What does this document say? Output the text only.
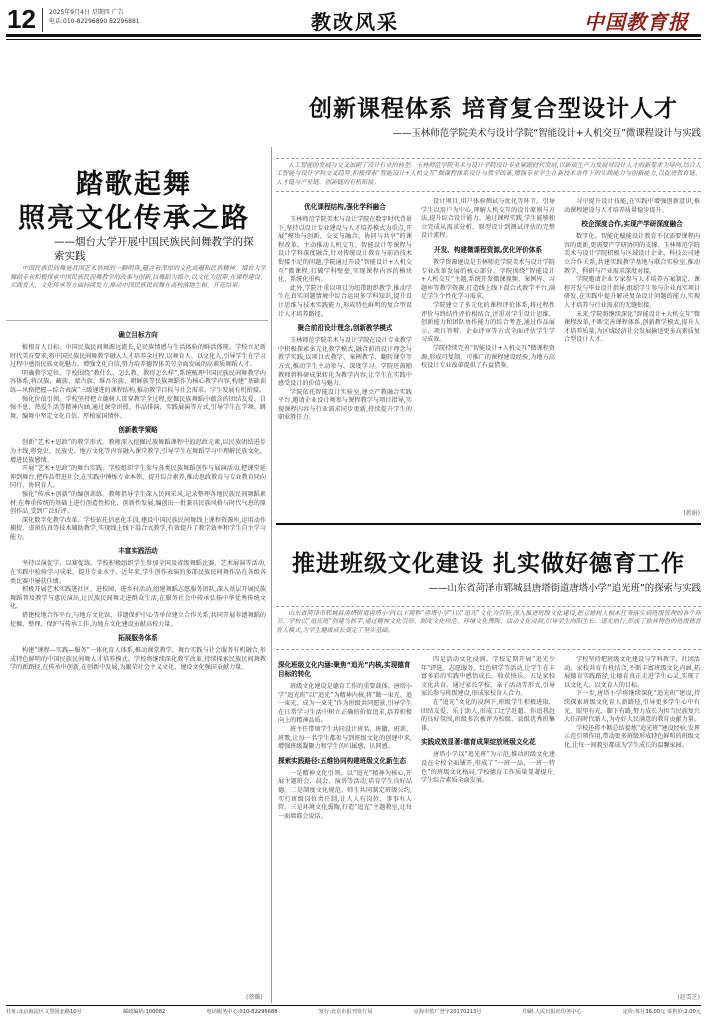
12 2025年9月4日 星期四 广告
电话:010-82296890 82296881	教改风采	中国教育报
踏歌起舞
照亮文化传承之路
——烟台大学开展中国民族民间舞教学的探索实践

中国民族民间舞是我国艺术领域的一颗明珠,蕴含着深厚的文化底蕴和民族精神。烟台大学舞蹈专业积极探索中国民族民间舞教学的改革与创新,以舞蹈为媒介,以文化为纽带,在课程建设、实践育人、文化传承等方面持续发力,推动中国民族民间舞在高校落地生根、开花结果。

确立目标方向

植根育人目标。中国民族民间舞源远流长,是民族情感与生活体验的鲜活体现。学校立足新时代美育要求,将中国民族民间舞教学融入人才培养全过程,以舞育人、以文化人,引导学生在学习过程中感悟民族文化魅力、增强文化自信,努力培养德智体美劳全面发展的高素质舞蹈人才。

明确教学定位。学校围绕“教什么、怎么教、教得怎么样”,系统梳理中国民族民间舞教学内容体系,将汉族、藏族、蒙古族、维吾尔族、朝鲜族等民族舞蹈作为核心教学内容,构建“基础训练—风格把握—综合表演”三级递进的课程结构,推动教学目标与社会需求、学生发展有机衔接。

强化价值引领。学校坚持把立德树人贯穿教学全过程,挖掘民族舞蹈中蕴含的团结友爱、自强不息、热爱生活等精神内涵,通过课堂讲授、作品排演、实践展演等方式,引导学生在学舞、跳舞、编舞中坚定文化自信、厚植家国情怀。

创新教学策略

创新“艺术+思政”的教学形式。教师深入挖掘民族舞蹈课程中的思政元素,以民族团结进步为主线,将党史、民族史、地方文化等内容融入课堂教学,引导学生在舞蹈学习中理解民族文化、增进民族感情。

开展“艺术+思政”的舞台实践。学校组织学生参与各类民族舞蹈创作与展演活动,把课堂延伸到舞台,把作品带进社会,在实践中锤炼专业本领、提升综合素养,推动思政教育与专业教育同向同行、协同育人。

强化“传承+创新”的编创训练。教师指导学生深入民间采风,记录整理各地民族民间舞蹈素材,在尊重传统的基础上进行创造性转化、创新性发展,编创出一批兼具民族风格与时代气息的原创作品,受到广泛好评。

深化数字化教学改革。学校依托信息化手段,建设中国民族民间舞线上课程资源库,运用动作捕捉、虚拟仿真等技术辅助教学,实现线上线下混合式教学,有效提升了教学效率和学生自主学习能力。

丰富实践活动

坚持以演促学、以赛促练。学校积极组织学生参加全国及省级舞蹈比赛、艺术展演等活动,在实践中检验学习成果、提升专业水平。近年来,学生创作表演的多部民族民间舞作品在各级各类比赛中屡获佳绩。

积极开展艺术实践进社区、进校园、进乡村活动,组建舞蹈志愿服务团队,深入基层开展民族舞蹈普及教学与惠民演出,让民族民间舞走进群众生活,在服务社会中传承弘扬中华优秀传统文化。

搭建校地合作平台,与地方文化馆、非遗保护中心等单位建立合作关系,共同开展非遗舞蹈的挖掘、整理、保护与传承工作,为地方文化建设贡献高校力量。

拓展服务体系

构建“课程—实践—服务”一体化育人体系,推动课堂教学、舞台实践与社会服务有机融合,形成特色鲜明的中国民族民间舞人才培养模式。学校将继续深化教学改革,持续探索民族民间舞教学的新路径,在传承中创新,在创新中发展,为繁荣社会主义文化、建设文化强国贡献力量。

(蔡璐)
创新课程体系 培育复合型设计人才
——玉林师范学院美术与设计学院“智能设计+人机交互”微课程设计与实践

人工智能的发展与交叉加剧了设计行业的转型。玉林师范学院美术与设计学院设计专业紧跟时代发展,以新质生产力发展对设计人才的新要求为导向,结合人工智能与设计学科交叉趋势,积极探索“智能设计+人机交互”微课程体系设计与教学改革,增强专业学生在新技术条件下的实践能力与创新能力,以促进教育链、人才链与产业链、创新链的有机衔接。

优化课程结构,强化学科融合

玉林师范学院美术与设计学院在数字时代背景下,坚持以设计专业建设与人才培养模式为重点,开展“模块与创新、交叉与融合、协同与共享”的课程改革。主动推动人机交互、智能设计等课程与设计学科深度融合,针对传统设计教育与前沿技术衔接不足的问题,学院通过开设“智能设计+人机交互”微课程,打破学科壁垒,实现课程内容的模块化、系统化重构。

此外,学院注重以项目为纽带组织教学,推动学生在真实问题情境中综合运用多学科知识,提升设计思维与技术实践能力,形成特色鲜明的复合型设计人才培养路径。

聚合前沿设计理念,创新教学模式

玉林师范学院美术与设计学院在设计专业教学中积极探索多元化教学模式,融合前沿设计理念与教学实践,以项目式教学、案例教学、翻转课堂等方式,推动学生主动参与、深度学习。学院还鼓励教师将科研成果转化为教学内容,让学生在实践中感受设计的价值与魅力。

学院依托智能设计实验室,建立产教融合实践平台,邀请企业设计师参与课程教学与项目指导,实现课程内容与行业需求同步更新,持续提升学生的职业胜任力。

设计项目,用户体验测试与优化等环节。引导学生以用户为中心,理解人机交互的设计原则与方法,提升综合设计能力。通过课程实践,学生能够独立完成从需求分析、原型设计到测试评估的完整设计流程。

开发、构建微课程资源,优化评价体系

教学资源建设是玉林师范学院美术与设计学院专业改革发展的核心部分。学院围绕“智能设计+人机交互”主题,系统开发微课视频、案例库、习题库等教学资源,打造线上线下混合式教学平台,满足学生个性化学习需求。

学院建立了多元化的课程评价体系,将过程性评价与终结性评价相结合,注重对学生设计思维、创新能力和团队协作能力的综合考查,通过作品展示、项目答辩、企业评审等方式全面评估学生学习成效。

学院持续完善“智能设计+人机交互”微课程资源,形成可复制、可推广的课程建设经验,为地方高校设计专业改革提供了有益借鉴。

习中提升设计技能,在实践中增强创新意识,推动课程建设与人才培养质量稳步提升。

校企深度合作,实现产学研深度融合

数字化、智能化赋能设计教育不仅需要课程内容的更新,更需要产学研协同的支撑。玉林师范学院美术与设计学院积极与区域设计企业、科技公司建立合作关系,共建实践教学基地与联合实验室,推动教学、科研与产业需求深度对接。

学院邀请企业专家参与人才培养方案制定、课程开发与毕业设计指导,组织学生参与企业真实项目研发,在实践中提升解决复杂设计问题的能力,实现人才培养与行业需求的无缝衔接。

未来,学院将继续深化“智能设计+人机交互”微课程改革,不断完善课程体系,创新教学模式,提升人才培养质量,为区域经济社会发展输送更多高素质复合型设计人才。

(蒋娟)
推进班级文化建设 扎实做好德育工作
——山东省菏泽市郓城县唐塔街道唐塔小学“追光班”的探索与实践

山东省菏泽市郓城县唐塔街道唐塔小学(以下简称“唐塔小学”)以“追光”文化为引领,深入推进班级文化建设,把立德树人根本任务落实到班级管理的各个环节。学校以“追光班”创建为抓手,通过精神文化引领、制度文化规范、环境文化熏陶、活动文化浸润,引导学生向阳生长、逐光前行,形成了独具特色的班级德育育人模式,为学生健康成长奠定了坚实基础。

深化班级文化内涵:聚焦“追光”内核,实现德育目标的转化

班级文化建设是德育工作的重要载体。唐塔小学“追光班”以“追光”为精神内核,将“做一束光、追一束光、成为一束光”作为班级共同愿景,引导学生在日常学习生活中树立正确的价值追求,培养积极向上的精神品质。

班主任带领学生共同设计班名、班徽、班训、班歌,让每一名学生都参与到班级文化的创建中来,增强班级凝聚力和学生的归属感、认同感。

探索实践路径:五维协同构建班级文化新生态

一是精神文化引领。以“追光”精神为核心,开展主题班会、晨会、演讲等活动,培育学生良好品德。二是制度文化规范。师生共同制定班级公约,实行班级岗位责任制,让人人有岗位、事事有人管。三是环境文化熏陶,打造“追光”主题教室,让每一面墙都会说话。

四是活动文化浸润。学校定期开展“追光少年”评选、志愿服务、红色研学等活动,让学生在丰富多彩的实践中感悟成长、收获快乐。五是家校文化共育。通过家长学校、亲子活动等形式,引导家长参与班级建设,形成家校育人合力。

在“追光”文化的浸润下,班级学生积极进取、团结友爱、乐于助人,形成了比学赶超、你追我赶的良好氛围,班级多次被评为校级、县级优秀班集体。

实践成效显著:德育成果绽放班级文化花

唐塔小学以“追光班”为示范,推动班级文化建设在全校全面铺开,形成了“一班一品、一班一特色”的班级文化格局,学校德育工作质量显著提升,学生综合素质全面发展。

学校坚持把班级文化建设与学科教学、社团活动、家校共育有机结合,不断丰富班级文化内涵,拓展德育实践路径,让德育真正走进学生心灵,实现了以文化人、以文育人的目标。

下一步,唐塔小学将继续深化“追光班”建设,持续探索班级文化育人新路径,引导更多学生心中有光、眼里有光、脚下有路,努力成长为担当民族复兴大任的时代新人,为办好人民满意的教育贡献力量。

学校还将不断总结提炼“追光班”建设经验,发挥示范引领作用,带动更多班级形成特色鲜明的班级文化,让每一间教室都成为学生成长的温馨家园。

(赵雪芝)
社址:北京海淀区文慧园北路10号	邮政编码:100082	电话服务中心:010-82296688	发行:北京市报刊发行局	京海市监广登字20170213号	印刷:人民日报社印务中心	定价:每月36.00元 零售价:2.00元
